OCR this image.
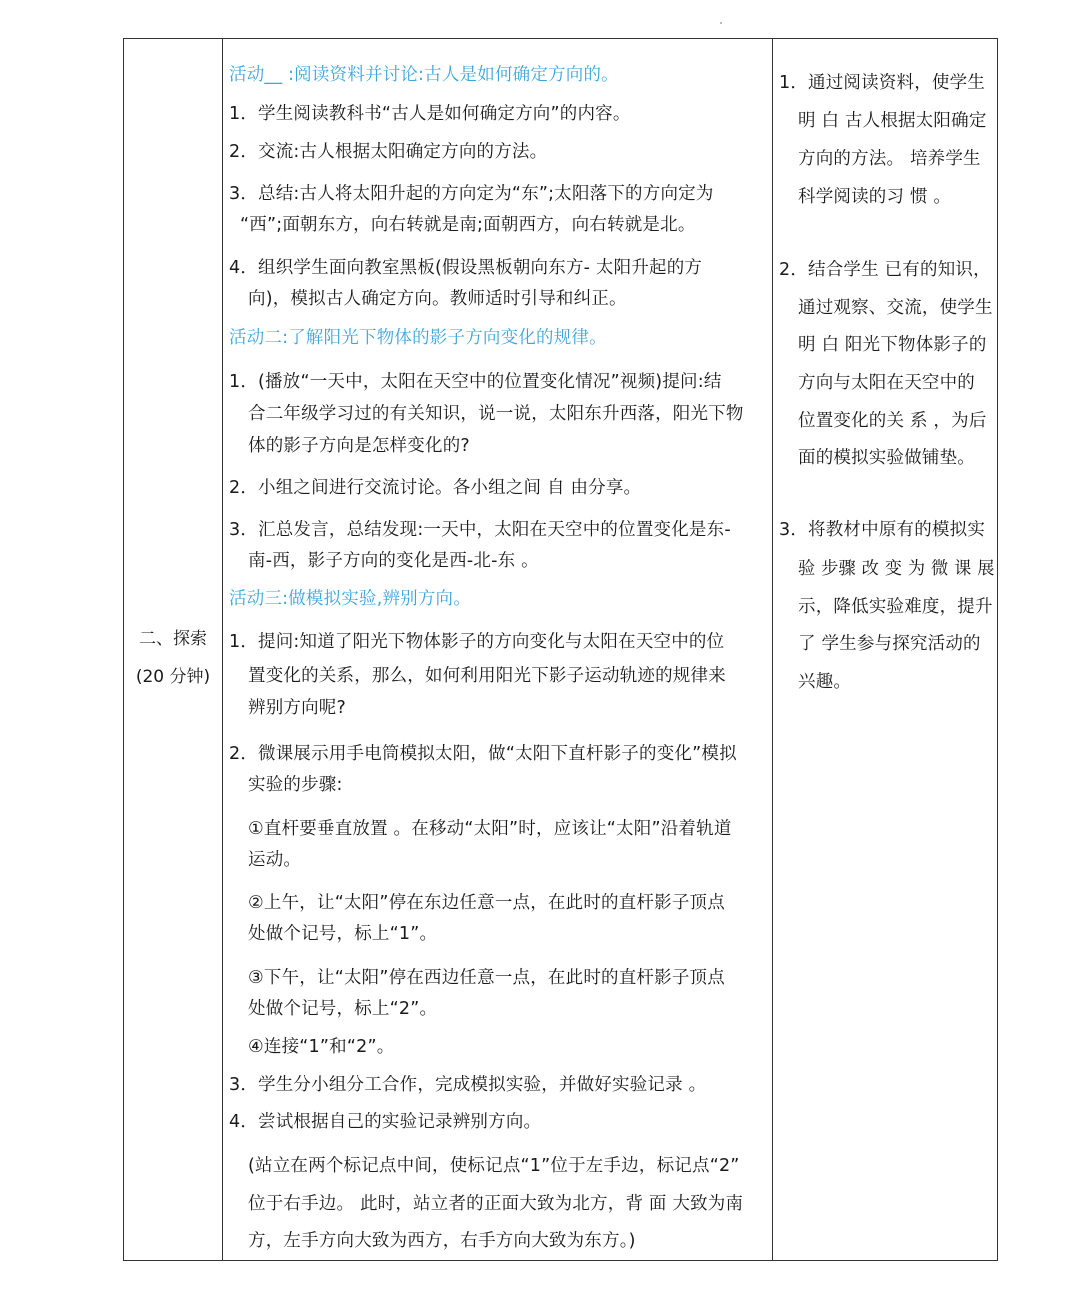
二、探索
(20 分钟)
活动__ :阅读资料并讨论:古人是如何确定方向的。
1．学生阅读教科书“古人是如何确定方向”的内容。
2．交流:古人根据太阳确定方向的方法。
3．总结:古人将太阳升起的方向定为“东”;太阳落下的方向定为
“西”;面朝东方，向右转就是南;面朝西方，向右转就是北。
4．组织学生面向教室黑板(假设黑板朝向东方- 太阳升起的方
向)，模拟古人确定方向。教师适时引导和纠正。
活动二:了解阳光下物体的影子方向变化的规律。
1．(播放“一天中，太阳在天空中的位置变化情况”视频)提问:结
合二年级学习过的有关知识，说一说，太阳东升西落，阳光下物
体的影子方向是怎样变化的?
2．小组之间进行交流讨论。各小组之间 自 由分享。
3．汇总发言，总结发现:一天中，太阳在天空中的位置变化是东-
南-西，影子方向的变化是西-北-东 。
活动三:做模拟实验,辨别方向。
1．提问:知道了阳光下物体影子的方向变化与太阳在天空中的位
置变化的关系，那么，如何利用阳光下影子运动轨迹的规律来
辨别方向呢?
2．微课展示用手电筒模拟太阳，做“太阳下直杆影子的变化”模拟
实验的步骤:
①直杆要垂直放置 。在移动“太阳”时，应该让“太阳”沿着轨道
运动。
②上午，让“太阳”停在东边任意一点，在此时的直杆影子顶点
处做个记号，标上“1”。
③下午，让“太阳”停在西边任意一点，在此时的直杆影子顶点
处做个记号，标上“2”。
④连接“1”和“2”。
3．学生分小组分工合作，完成模拟实验，并做好实验记录 。
4．尝试根据自己的实验记录辨别方向。
(站立在两个标记点中间，使标记点“1”位于左手边，标记点“2”
位于右手边。 此时，站立者的正面大致为北方，背 面 大致为南
方，左手方向大致为西方，右手方向大致为东方。)
1．通过阅读资料，使学生
明 白 古人根据太阳确定
方向的方法。 培养学生
科学阅读的习 惯 。
2．结合学生 已有的知识，
通过观察、交流，使学生
明 白 阳光下物体影子的
方向与太阳在天空中的
位置变化的关 系 ，为后
面的模拟实验做铺垫。
3．将教材中原有的模拟实
验 步骤 改 变 为 微 课 展
示，降低实验难度，提升
了 学生参与探究活动的
兴趣。
